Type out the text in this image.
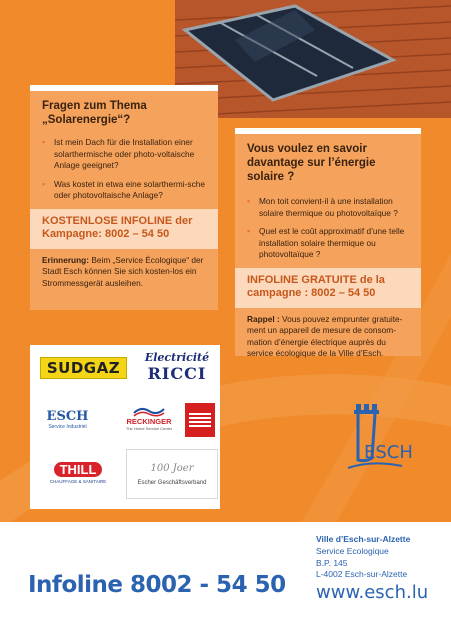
Fragen zum Thema „Solarenergie“?
▪ Ist mein Dach für die Installation einer solarthermische oder photo-voltaische Anlage geeignet?
▪ Was kostet in etwa eine solarthermi-sche oder photovoltaische Anlage?
KOSTENLOSE INFOLINE der Kampagne: 8002 – 54 50
Erinnerung: Beim „Service Écologique“ der Stadt Esch können Sie sich kosten-los ein Strommessgerät ausleihen.
Vous voulez en savoir davantage sur l’énergie solaire ?
▪ Mon toit convient-il à une installation solaire thermique ou photovoltaïque ?
▪ Quel est le coût approximatif d’une telle installation solaire thermique ou photovoltaïque ?
INFOLINE GRATUITE de la campagne : 8002 – 54 50
Rappel : Vous pouvez emprunter gratuite-ment un appareil de mesure de consom-mation d’énergie électrique auprès du service écologique de la Ville d’Esch.
SUDGAZ
Electricité
RICCI
ESCH
Service Industriel
RECKINGER
The Home Service Center
THILL
CHAUFFAGE & SANITAIRE
100 Joer
Escher Geschäftsverband
ESCH
Ville d’Esch-sur-Alzette
Service Ecologique
B.P. 145
L-4002 Esch-sur-Alzette
Infoline 8002 - 54 50 www.esch.lu
